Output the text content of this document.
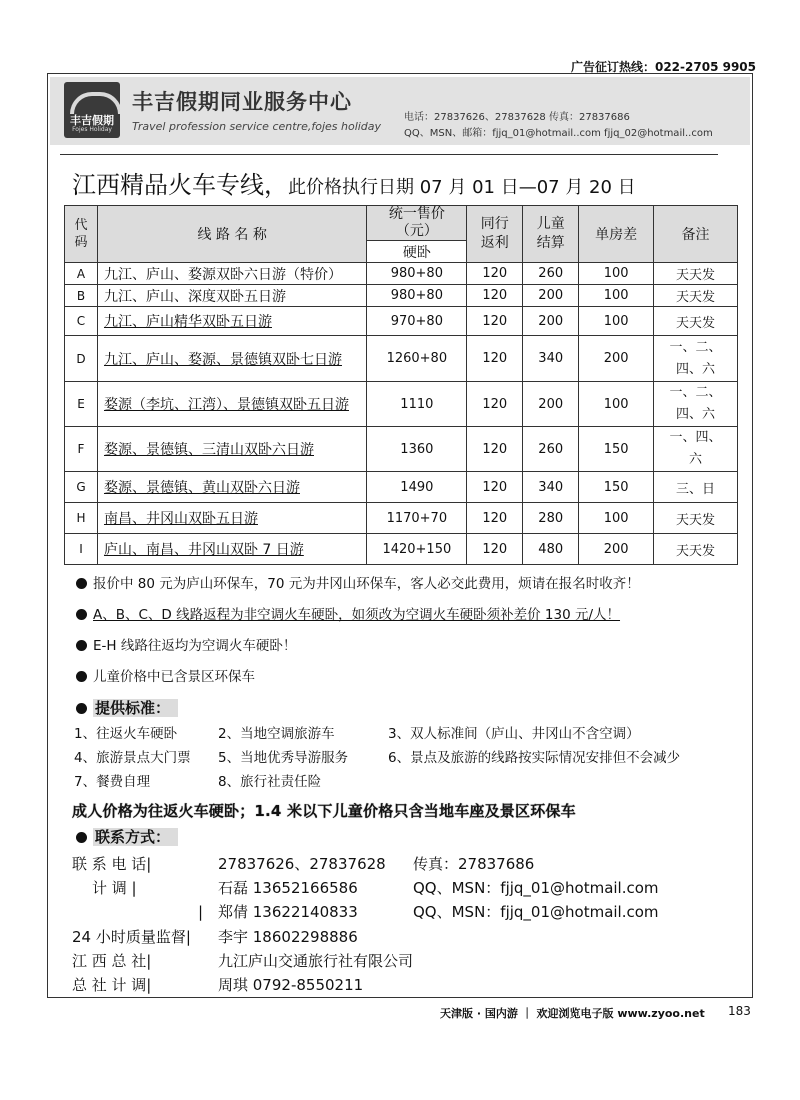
广告征订热线：022-2705 9905
丰吉假期
Fojes Holiday
丰吉假期同业服务中心
Travel profession service centre,fojes holiday
电话：27837626、27837628 传真：27837686
QQ、MSN、邮箱：fjjq_01@hotmail..com fjjq_02@hotmail..com
江西精品火车专线，此价格执行日期 07 月 01 日—07 月 20 日
代码	线 路 名 称	统一售价（元）	同行返利	儿童结算	单房差	备注
		硬卧				
A	九江、庐山、婺源双卧六日游（特价）	980+80	120	260	100	天天发
B	九江、庐山、深度双卧五日游	980+80	120	200	100	天天发
C	九江、庐山精华双卧五日游	970+80	120	200	100	天天发
D	九江、庐山、婺源、景德镇双卧七日游	1260+80	120	340	200	一、二、四、六
E	婺源（李坑、江湾）、景德镇双卧五日游	1110	120	200	100	一、二、四、六
F	婺源、景德镇、三清山双卧六日游	1360	120	260	150	一、四、六
G	婺源、景德镇、黄山双卧六日游	1490	120	340	150	三、日
H	南昌、井冈山双卧五日游	1170+70	120	280	100	天天发
I	庐山、南昌、井冈山双卧 7 日游	1420+150	120	480	200	天天发
报价中 80 元为庐山环保车，70 元为井冈山环保车，客人必交此费用，烦请在报名时收齐！
A、B、C、D 线路返程为非空调火车硬卧，如须改为空调火车硬卧须补差价 130 元/人！
E-H 线路往返均为空调火车硬卧！
儿童价格中已含景区环保车
提供标准：
1、往返火车硬卧	2、当地空调旅游车	3、双人标准间（庐山、井冈山不含空调）
4、旅游景点大门票 5、当地优秀导游服务	6、景点及旅游的线路按实际情况安排但不会减少
7、餐费自理	8、旅行社责任险
成人价格为往返火车硬卧；1.4 米以下儿童价格只含当地车座及景区环保车
联系方式：
联 系 电 话|	27837626、27837628 传真：27837686
计 调 |	石磊 13652166586	QQ、MSN：fjjq_01@hotmail.com
| 郑倩 13622140833	QQ、MSN：fjjq_01@hotmail.com
24 小时质量监督| 李宇 18602298886
江 西 总 社|	九江庐山交通旅行社有限公司
总 社 计 调|	周琪 0792-8550211
天津版 · 国内游 ｜ 欢迎浏览电子版 www.zyoo.net 183
